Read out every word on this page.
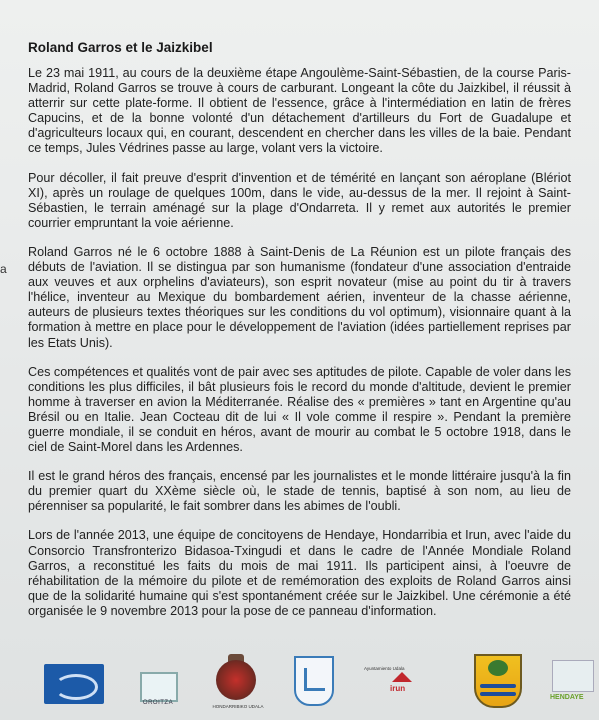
a
Roland Garros et le Jaizkibel

Le 23 mai 1911, au cours de la deuxième étape Angoulème-Saint-Sébastien, de la course Paris-Madrid, Roland Garros se trouve à cours de carburant. Longeant la côte du Jaizkibel, il réussit à atterrir sur cette plate-forme. Il obtient de l'essence, grâce à l'intermédiation en latin de frères Capucins, et de la bonne volonté d'un détachement d'artilleurs du Fort de Guadalupe et d'agriculteurs locaux qui, en courant, descendent en chercher dans les villes de la baie. Pendant ce temps, Jules Védrines passe au large, volant vers la victoire.

Pour décoller, il fait preuve d'esprit d'invention et de témérité en lançant son aéroplane (Blériot XI), après un roulage de quelques 100m, dans le vide, au-dessus de la mer. Il rejoint à Saint-Sébastien, le terrain aménagé sur la plage d'Ondarreta. Il y remet aux autorités le premier courrier empruntant la voie aérienne.

Roland Garros né le 6 octobre 1888 à Saint-Denis de La Réunion est un pilote français des débuts de l'aviation. Il se distingua par son humanisme (fondateur d'une association d'entraide aux veuves et aux orphelins d'aviateurs), son esprit novateur (mise au point du tir à travers l'hélice, inventeur au Mexique du bombardement aérien, inventeur de la chasse aérienne, auteurs de plusieurs textes théoriques sur les conditions du vol optimum), visionnaire quant à la formation à mettre en place pour le développement de l'aviation (idées partiellement reprises par les Etats Unis).

Ces compétences et qualités vont de pair avec ses aptitudes de pilote. Capable de voler dans les conditions les plus difficiles, il bât plusieurs fois le record du monde d'altitude, devient le premier homme à traverser en avion la Méditerranée. Réalise des « premières » tant en Argentine qu'au Brésil ou en Italie. Jean Cocteau dit de lui « Il vole comme il respire ». Pendant la première guerre mondiale, il se conduit en héros, avant de mourir au combat le 5 octobre 1918, dans le ciel de Saint-Morel dans les Ardennes.

Il est le grand héros des français, encensé par les journalistes et le monde littéraire jusqu'à la fin du premier quart du XXème siècle où, le stade de tennis, baptisé à son nom, au lieu de pérenniser sa popularité, le fait sombrer dans les abimes de l'oubli.

Lors de l'année 2013, une équipe de concitoyens de Hendaye, Hondarribia et Irun, avec l'aide du Consorcio Transfronterizo Bidasoa-Txingudi et dans le cadre de l'Année Mondiale Roland Garros, a reconstitué les faits du mois de mai 1911. Ils participent ainsi, à l'oeuvre de réhabilitation de la mémoire du pilote et de remémoration des exploits de Roland Garros ainsi que de la solidarité humaine qui s'est spontanément créée sur le Jaizkibel. Une cérémonie a été organisée le 9 novembre 2013 pour la pose de ce panneau d'information.

OROITZA
HONDARRIBIKO UDALA
Ayuntamiento Udala
irun
HENDAYE
